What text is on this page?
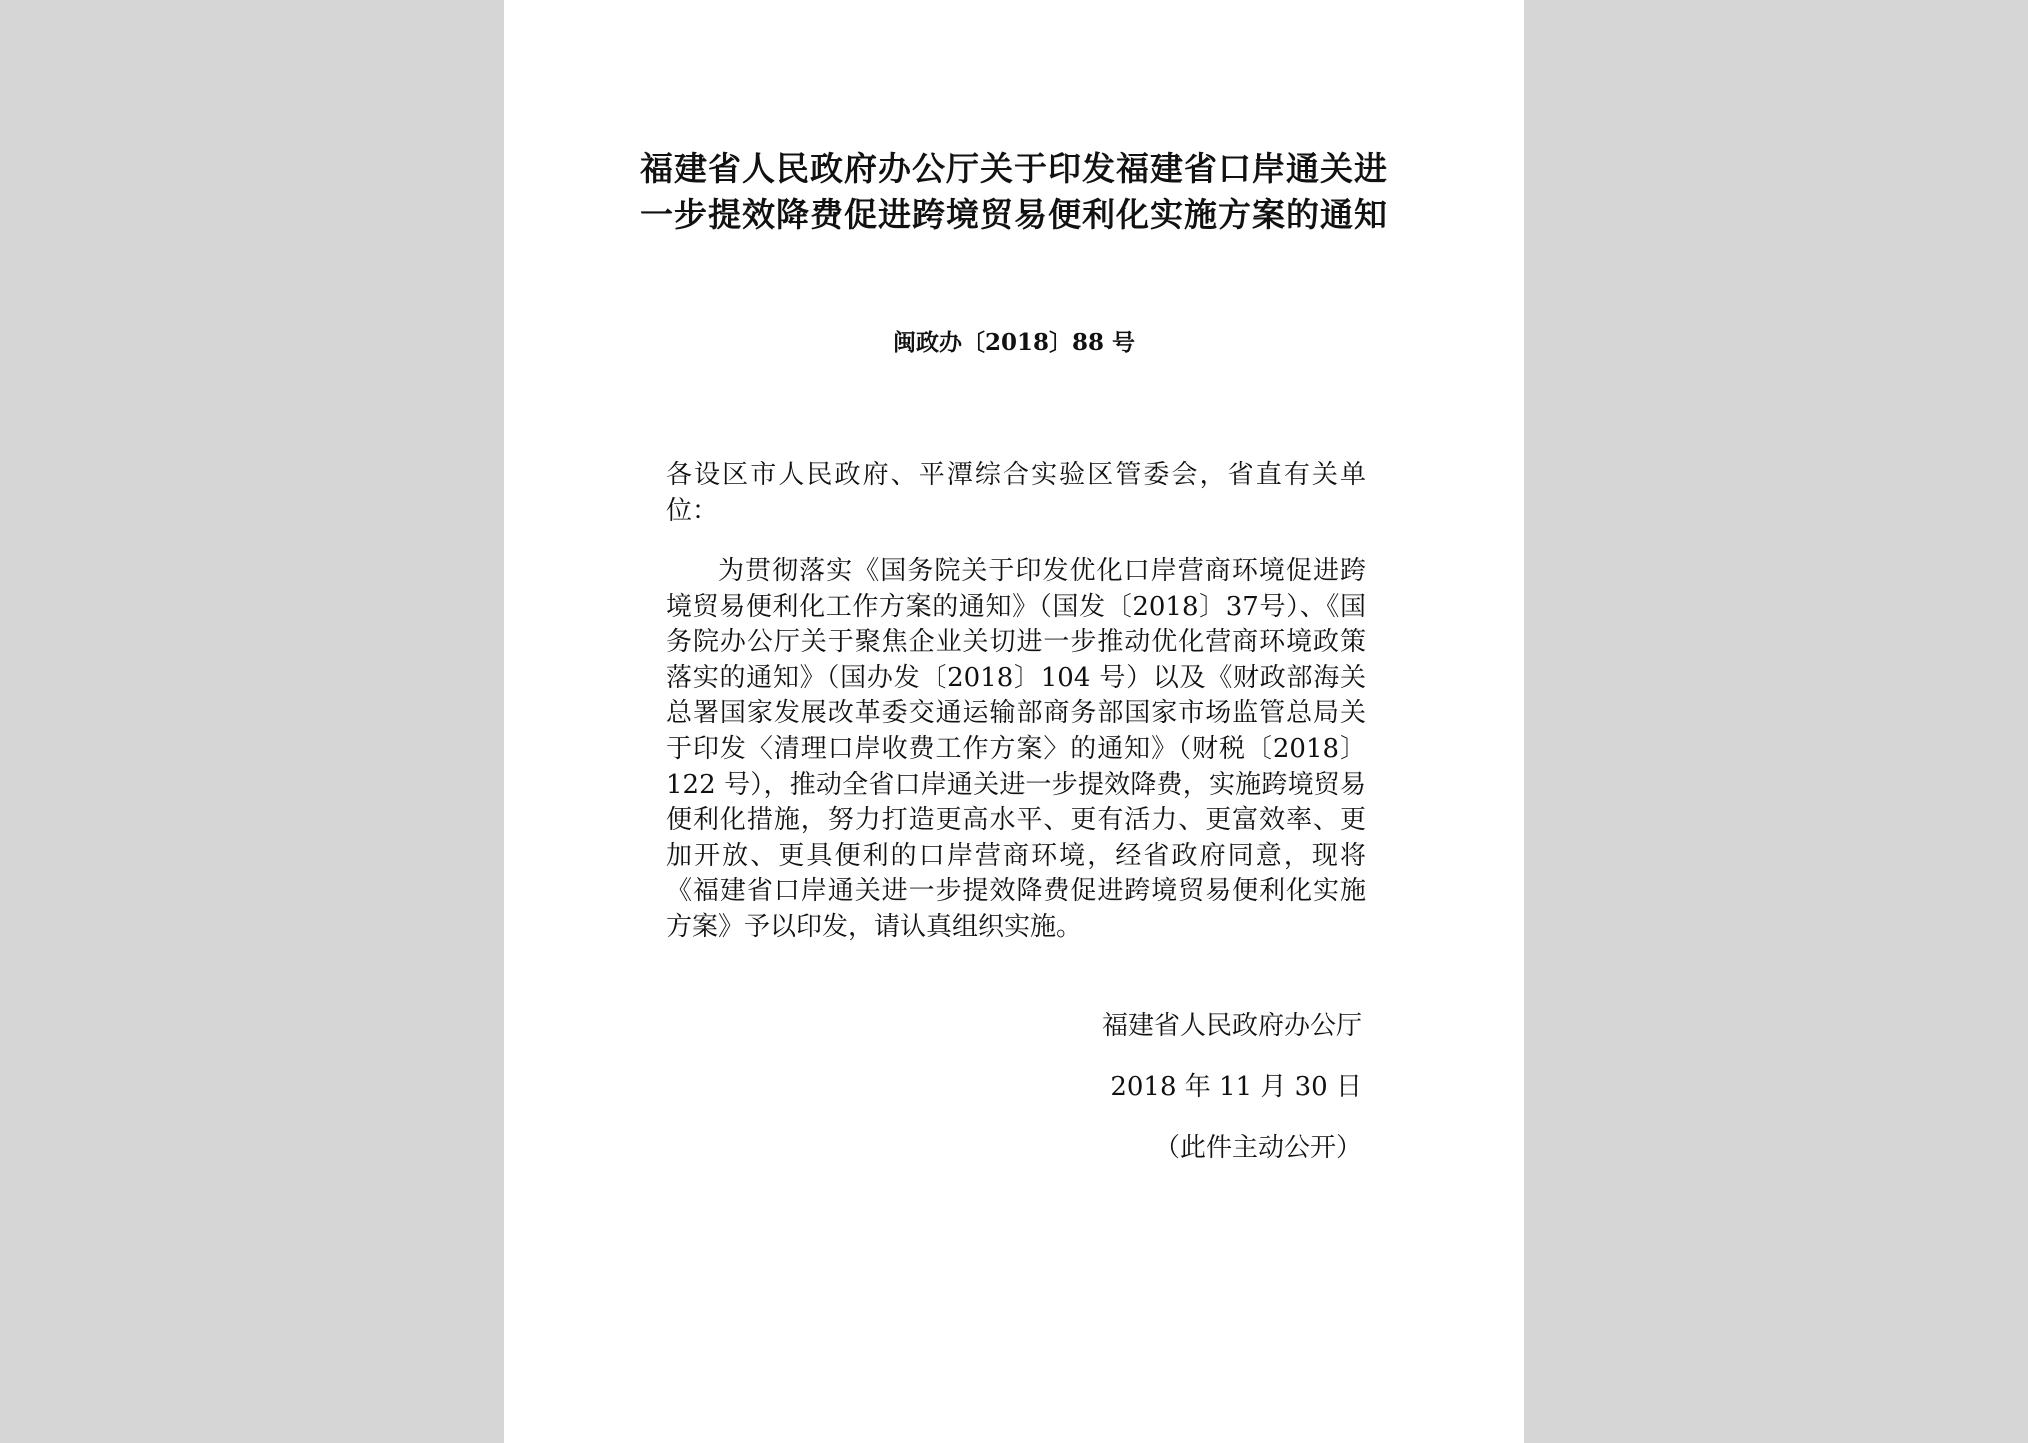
福建省人民政府办公厅关于印发福建省口岸通关进
一步提效降费促进跨境贸易便利化实施方案的通知
闽政办〔2018〕88 号
各设区市人民政府、平潭综合实验区管委会，省直有关单位：
为贯彻落实《国务院关于印发优化口岸营商环境促进跨境贸易便利化工作方案的通知》（国发〔2018〕37号）、《国务院办公厅关于聚焦企业关切进一步推动优化营商环境政策落实的通知》（国办发〔2018〕104 号）以及《财政部海关总署国家发展改革委交通运输部商务部国家市场监管总局关于印发〈清理口岸收费工作方案〉的通知》（财税〔2018〕122 号），推动全省口岸通关进一步提效降费，实施跨境贸易便利化措施，努力打造更高水平、更有活力、更富效率、更加开放、更具便利的口岸营商环境，经省政府同意，现将《福建省口岸通关进一步提效降费促进跨境贸易便利化实施方案》予以印发，请认真组织实施。
福建省人民政府办公厅
2018 年 11 月 30 日
（此件主动公开）
